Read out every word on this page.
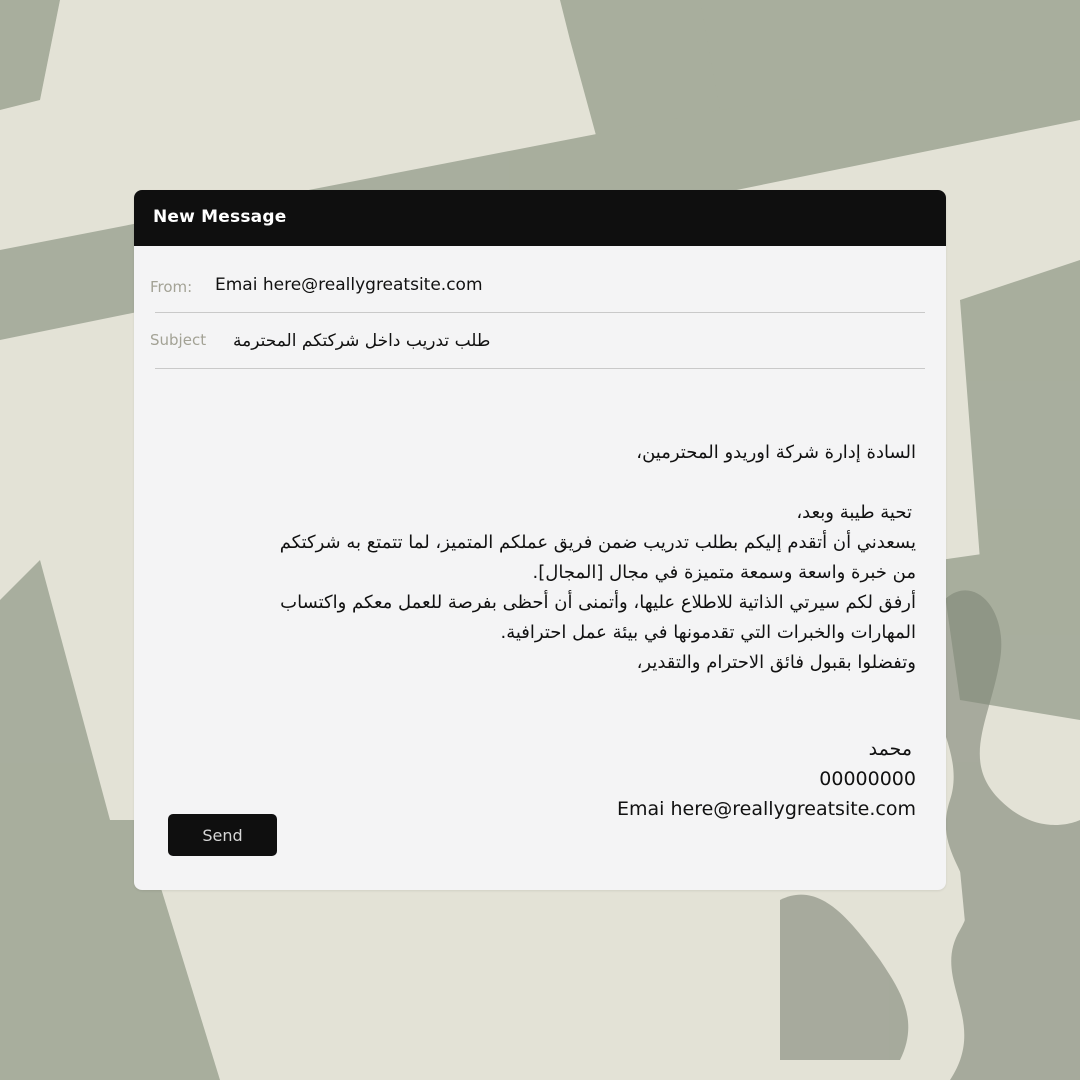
New Message
From: Emai here@reallygreatsite.com
Subject طلب تدريب داخل شركتكم المحترمة
السادة إدارة شركة اوريدو المحترمين،
تحية طيبة وبعد،
يسعدني أن أتقدم إليكم بطلب تدريب ضمن فريق عملكم المتميز، لما تتمتع به شركتكم
من خبرة واسعة وسمعة متميزة في مجال [المجال].
أرفق لكم سيرتي الذاتية للاطلاع عليها، وأتمنى أن أحظى بفرصة للعمل معكم واكتساب
المهارات والخبرات التي تقدمونها في بيئة عمل احترافية.
وتفضلوا بقبول فائق الاحترام والتقدير،
محمد
00000000
Emai here@reallygreatsite.com
Send
